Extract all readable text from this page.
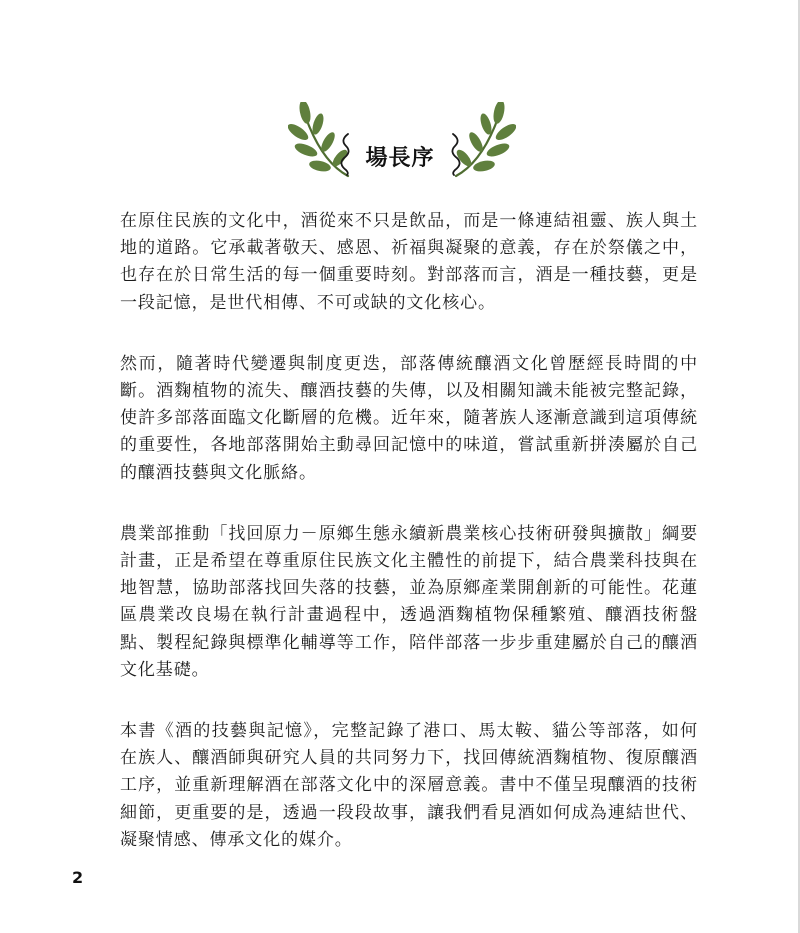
場長序

在原住民族的文化中，酒從來不只是飲品，而是一條連結祖靈、族人與土地的道路。它承載著敬天、感恩、祈福與凝聚的意義，存在於祭儀之中，也存在於日常生活的每一個重要時刻。對部落而言，酒是一種技藝，更是一段記憶，是世代相傳、不可或缺的文化核心。

然而，隨著時代變遷與制度更迭，部落傳統釀酒文化曾歷經長時間的中斷。酒麴植物的流失、釀酒技藝的失傳，以及相關知識未能被完整記錄，使許多部落面臨文化斷層的危機。近年來，隨著族人逐漸意識到這項傳統的重要性，各地部落開始主動尋回記憶中的味道，嘗試重新拼湊屬於自己的釀酒技藝與文化脈絡。

農業部推動「找回原力－原鄉生態永續新農業核心技術研發與擴散」綱要計畫，正是希望在尊重原住民族文化主體性的前提下，結合農業科技與在地智慧，協助部落找回失落的技藝，並為原鄉產業開創新的可能性。花蓮區農業改良場在執行計畫過程中，透過酒麴植物保種繁殖、釀酒技術盤點、製程紀錄與標準化輔導等工作，陪伴部落一步步重建屬於自己的釀酒文化基礎。

本書《酒的技藝與記憶》，完整記錄了港口、馬太鞍、貓公等部落，如何在族人、釀酒師與研究人員的共同努力下，找回傳統酒麴植物、復原釀酒工序，並重新理解酒在部落文化中的深層意義。書中不僅呈現釀酒的技術細節，更重要的是，透過一段段故事，讓我們看見酒如何成為連結世代、凝聚情感、傳承文化的媒介。

2
